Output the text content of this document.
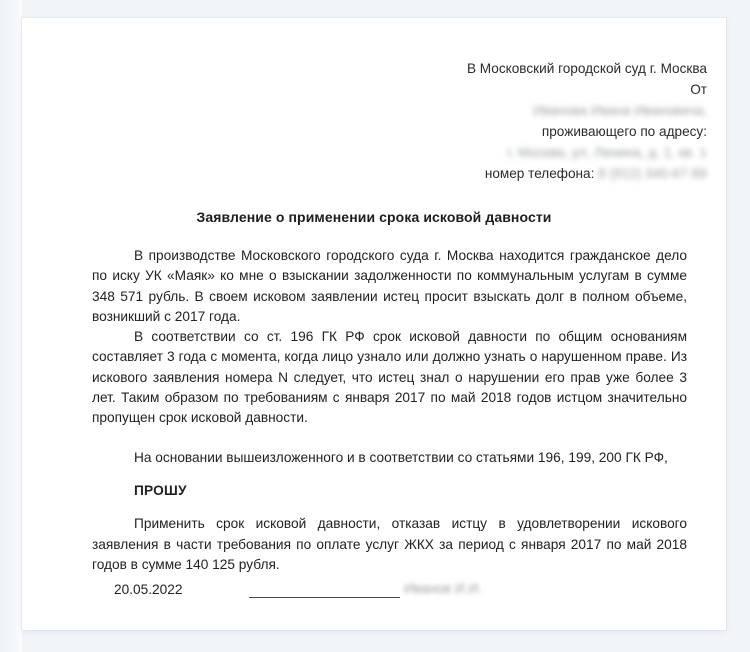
В Московский городской суд г. Москва
От
Иванова Ивана Ивановича,
проживающего по адресу:
г. Москва, ул. Ленина, д. 1, кв. 1
номер телефона: 8 (912) 345-67-89
Заявление о применении срока исковой давности

В производстве Московского городского суда г. Москва находится гражданское дело по иску УК «Маяк» ко мне о взыскании задолженности по коммунальным услугам в сумме 348 571 рубль. В своем исковом заявлении истец просит взыскать долг в полном объеме, возникший с 2017 года.

В соответствии со ст. 196 ГК РФ срок исковой давности по общим основаниям составляет 3 года с момента, когда лицо узнало или должно узнать о нарушенном праве. Из искового заявления номера N следует, что истец знал о нарушении его прав уже более 3 лет. Таким образом по требованиям с января 2017 по май 2018 годов истцом значительно пропущен срок исковой давности.

На основании вышеизложенного и в соответствии со статьями 196, 199, 200 ГК РФ,

ПРОШУ

Применить срок исковой давности, отказав истцу в удовлетворении искового заявления в части требования по оплате услуг ЖКХ за период с января 2017 по май 2018 годов в сумме 140 125 рубля.

20.05.2022	Иванов И.И.
